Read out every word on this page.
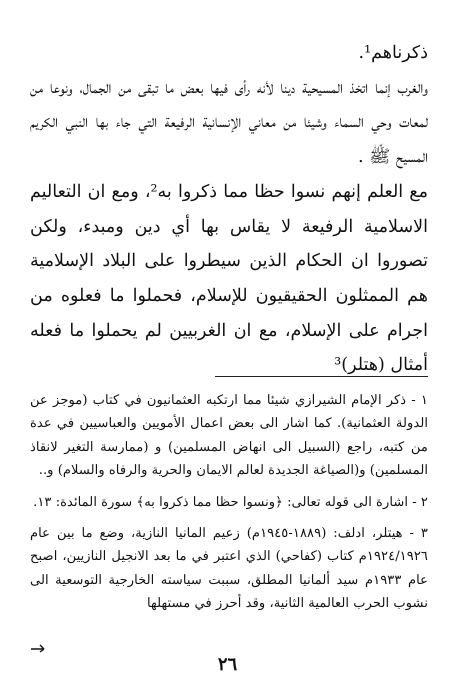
ذكرناهم¹.

والغرب إنما اتخذ المسيحية دينا لأنه رأى فيها بعض ما تبقى من الجمال، ونوعا من لمعات وحي السماء وشيئا من معاني الإنسانية الرفيعة التي جاء بها النبي الكريم المسيح ﷺ .

مع العلم إنهم نسوا حظا مما ذكروا به²، ومع ان التعاليم الاسلامية الرفيعة لا يقاس بها أي دين ومبدء، ولكن تصوروا ان الحكام الذين سيطروا على البلاد الإسلامية هم الممثلون الحقيقيون للإسلام، فحملوا ما فعلوه من اجرام على الإسلام، مع ان الغربيين لم يحملوا ما فعله أمثال (هتلر)³

١ - ذكر الإمام الشيرازي شيئا مما ارتكبه العثمانيون في كتاب (موجز عن الدولة العثمانية). كما اشار الى بعض اعمال الأمويين والعباسيين في عدة من كتبه، راجع (السبيل الى انهاض المسلمين) و (ممارسة التغير لانقاذ المسلمين) و(الصياغة الجديدة لعالم الايمان والحرية والرفاه والسلام) و..

٢ - اشارة الى قوله تعالى: ﴿ونسوا حظا مما ذكروا به﴾ سورة المائدة: ١٣.

٣ - هيتلر، ادلف: (١٨٨٩-١٩٤٥م) زعيم المانيا النازية، وضع ما بين عام ١٩٢٤/١٩٢٦م كتاب (كفاحي) الذي اعتبر في ما بعد الانجيل النازيين، اصبح عام ١٩٣٣م سيد ألمانيا المطلق، سببت سياسته الخارجية التوسعية الى نشوب الحرب العالمية الثانية، وقد أحرز في مستهلها

٢٦
